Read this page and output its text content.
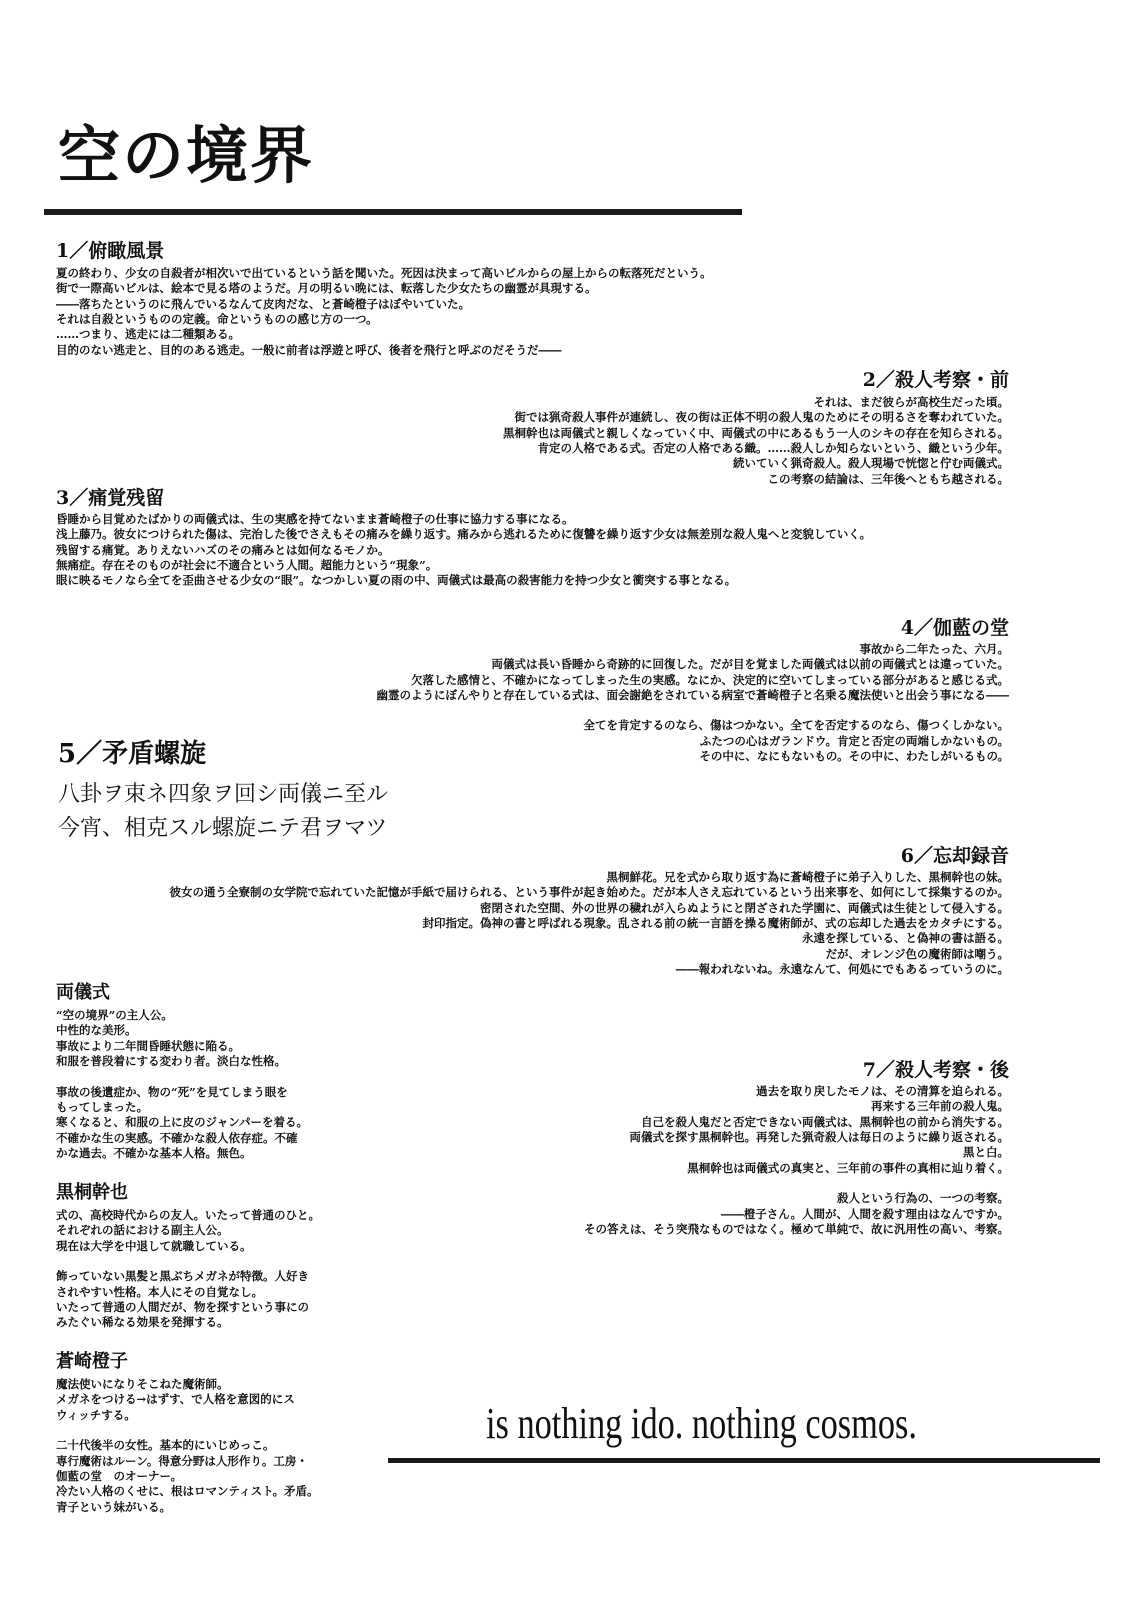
空の境界
1／俯瞰風景

夏の終わり、少女の自殺者が相次いで出ているという話を聞いた。死因は決まって高いビルからの屋上からの転落死だという。

街で一際高いビルは、絵本で見る塔のようだ。月の明るい晩には、転落した少女たちの幽霊が具現する。

――落ちたというのに飛んでいるなんて皮肉だな、と蒼崎橙子はぼやいていた。

それは自殺というものの定義。命というものの感じ方の一つ。

……つまり、逃走には二種類ある。

目的のない逃走と、目的のある逃走。一般に前者は浮遊と呼び、後者を飛行と呼ぶのだそうだ――

2／殺人考察・前

それは、まだ彼らが高校生だった頃。

街では猟奇殺人事件が連続し、夜の街は正体不明の殺人鬼のためにその明るさを奪われていた。

黒桐幹也は両儀式と親しくなっていく中、両儀式の中にあるもう一人のシキの存在を知らされる。

肯定の人格である式。否定の人格である織。……殺人しか知らないという、織という少年。

続いていく猟奇殺人。殺人現場で恍惚と佇む両儀式。

この考察の結論は、三年後へともち越される。

3／痛覚残留

昏睡から目覚めたばかりの両儀式は、生の実感を持てないまま蒼崎橙子の仕事に協力する事になる。

浅上藤乃。彼女につけられた傷は、完治した後でさえもその痛みを繰り返す。痛みから逃れるために復讐を繰り返す少女は無差別な殺人鬼へと変貌していく。

残留する痛覚。ありえないハズのその痛みとは如何なるモノか。

無痛症。存在そのものが社会に不適合という人間。超能力という“現象”。

眼に映るモノなら全てを歪曲させる少女の“眼”。なつかしい夏の雨の中、両儀式は最高の殺害能力を持つ少女と衝突する事となる。

4／伽藍の堂

事故から二年たった、六月。

両儀式は長い昏睡から奇跡的に回復した。だが目を覚ました両儀式は以前の両儀式とは違っていた。

欠落した感情と、不確かになってしまった生の実感。なにか、決定的に空いてしまっている部分があると感じる式。

幽霊のようにぼんやりと存在している式は、面会謝絶をされている病室で蒼崎橙子と名乗る魔法使いと出会う事になる――

全てを肯定するのなら、傷はつかない。全てを否定するのなら、傷つくしかない。

ふたつの心はガランドウ。肯定と否定の両端しかないもの。

その中に、なにもないもの。その中に、わたしがいるもの。

5／矛盾螺旋

八卦ヲ束ネ四象ヲ回シ両儀ニ至ル

今宵、相克スル螺旋ニテ君ヲマツ

6／忘却録音

黒桐鮮花。兄を式から取り返す為に蒼崎橙子に弟子入りした、黒桐幹也の妹。

彼女の通う全寮制の女学院で忘れていた記憶が手紙で届けられる、という事件が起き始めた。だが本人さえ忘れているという出来事を、如何にして採集するのか。

密閉された空間、外の世界の穢れが入らぬようにと閉ざされた学園に、両儀式は生徒として侵入する。

封印指定。偽神の書と呼ばれる現象。乱される前の統一言語を操る魔術師が、式の忘却した過去をカタチにする。

永遠を探している、と偽神の書は語る。

だが、オレンジ色の魔術師は嘲う。

――報われないね。永遠なんて、何処にでもあるっていうのに。

両儀式

“空の境界”の主人公。

中性的な美形。

事故により二年間昏睡状態に陥る。

和服を普段着にする変わり者。淡白な性格。

事故の後遺症か、物の“死”を見てしまう眼を

もってしまった。

寒くなると、和服の上に皮のジャンパーを着る。

不確かな生の実感。不確かな殺人依存症。不確

かな過去。不確かな基本人格。無色。

7／殺人考察・後

過去を取り戻したモノは、その清算を迫られる。

再来する三年前の殺人鬼。

自己を殺人鬼だと否定できない両儀式は、黒桐幹也の前から消失する。

両儀式を探す黒桐幹也。再発した猟奇殺人は毎日のように繰り返される。

黒と白。

黒桐幹也は両儀式の真実と、三年前の事件の真相に辿り着く。

殺人という行為の、一つの考察。

――橙子さん。人間が、人間を殺す理由はなんですか。

その答えは、そう突飛なものではなく。極めて単純で、故に汎用性の高い、考察。

黒桐幹也

式の、高校時代からの友人。いたって普通のひと。

それぞれの話における副主人公。

現在は大学を中退して就職している。

飾っていない黒髪と黒ぶちメガネが特徴。人好き

されやすい性格。本人にその自覚なし。

いたって普通の人間だが、物を探すという事にの

みたぐい稀なる効果を発揮する。

蒼崎橙子

魔法使いになりそこねた魔術師。

メガネをつける→はずす、で人格を意図的にス

ウィッチする。

二十代後半の女性。基本的にいじめっこ。

専行魔術はルーン。得意分野は人形作り。工房・

伽藍の堂　のオーナー。

冷たい人格のくせに、根はロマンティスト。矛盾。

青子という妹がいる。

is nothing ido. nothing cosmos.
